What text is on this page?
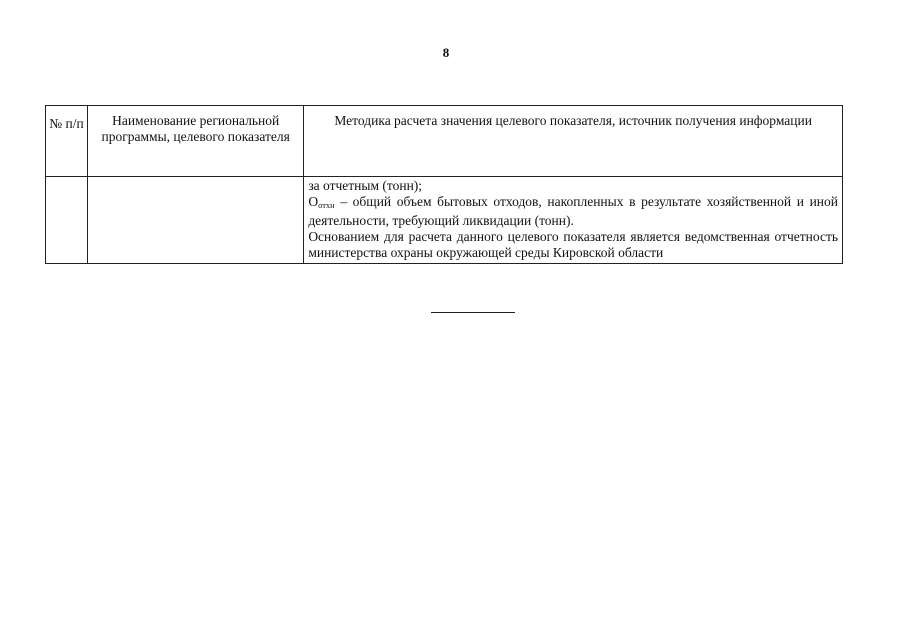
8
№ п/п	Наименование региональной программы, целевого показателя	Методика расчета значения целевого показателя, источник получения информации

		за отчетным (тонн);

$О_{отхн}$ – общий объем бытовых отходов, накопленных в результате хозяйственной и иной деятельности, требующий ликвидации (тонн).

Основанием для расчета данного целевого показателя является ведомственная отчетность министерства охраны окружающей среды Кировской области
